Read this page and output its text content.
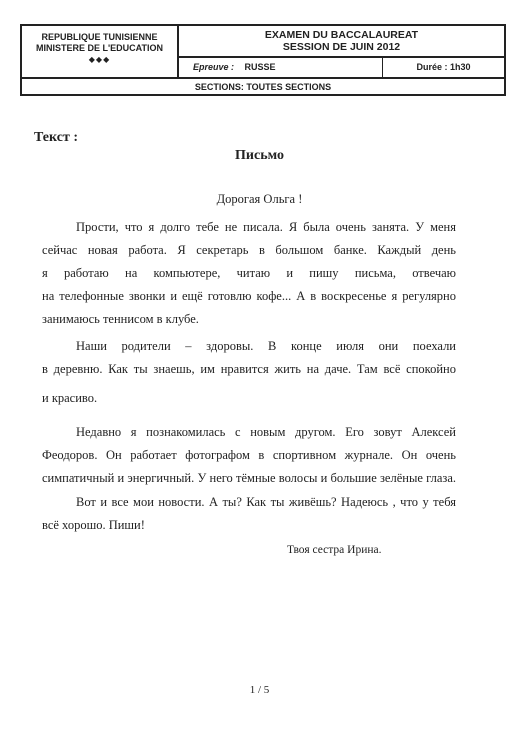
REPUBLIQUE TUNISIENNE
MINISTERE DE L'EDUCATION
◆◆◆
EXAMEN DU BACCALAUREAT
SESSION DE JUIN 2012
Epreuve : RUSSE	Durée : 1h30
SECTIONS: TOUTES SECTIONS
Текст :
Письмо
Дорогая Ольга !
Прости, что я долго тебе не писала. Я была очень занята. У меня
сейчас новая работа. Я секретарь в большом банке. Каждый день
я работаю на компьютере, читаю и пишу письма, отвечаю
на телефонные звонки и ещё готовлю кофе... А в воскресенье я регулярно
занимаюсь теннисом в клубе.
Наши родители – здоровы. В конце июля они поехали
в деревню. Как ты знаешь, им нравится жить на даче. Там всё спокойно
и красиво.
Недавно я познакомилась с новым другом. Его зовут Алексей
Феодоров. Он работает фотографом в спортивном журнале. Он очень
симпатичный и энергичный. У него тёмные волосы и большие зелёные глаза.
Вот и все мои новости. А ты? Как ты живёшь? Надеюсь , что у тебя
всё хорошо. Пиши!
Твоя сестра Ирина.
1 / 5
